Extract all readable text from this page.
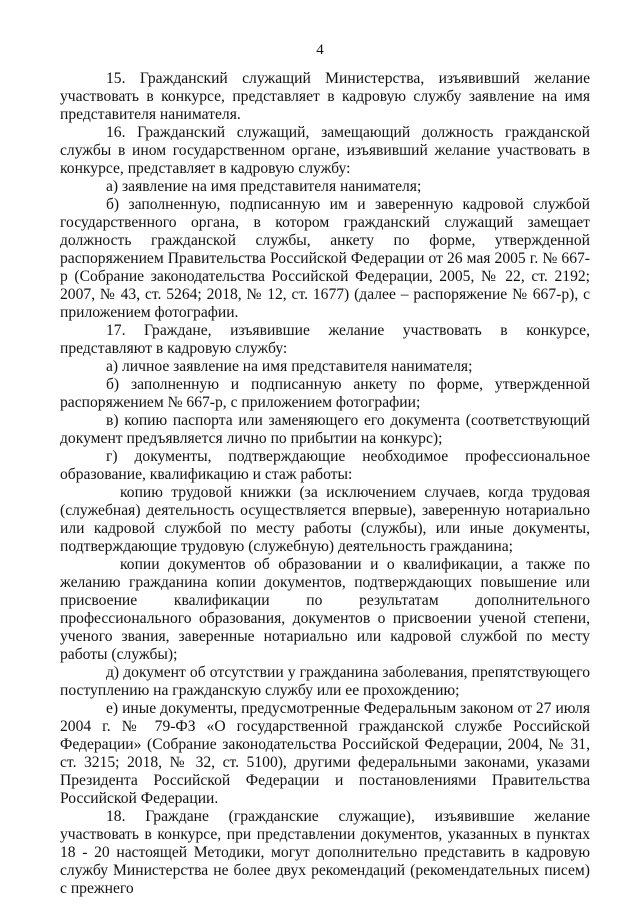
4

15. Гражданский служащий Министерства, изъявивший желание участвовать в конкурсе, представляет в кадровую службу заявление на имя представителя нанимателя.

16. Гражданский служащий, замещающий должность гражданской службы в ином государственном органе, изъявивший желание участвовать в конкурсе, представляет в кадровую службу:

а) заявление на имя представителя нанимателя;

б) заполненную, подписанную им и заверенную кадровой службой государственного органа, в котором гражданский служащий замещает должность гражданской службы, анкету по форме, утвержденной распоряжением Правительства Российской Федерации от 26 мая 2005 г. № 667-р (Собрание законодательства Российской Федерации, 2005, № 22, ст. 2192; 2007, № 43, ст. 5264; 2018, № 12, ст. 1677) (далее – распоряжение № 667-р), с приложением фотографии.

17. Граждане, изъявившие желание участвовать в конкурсе, представляют в кадровую службу:

а) личное заявление на имя представителя нанимателя;

б) заполненную и подписанную анкету по форме, утвержденной распоряжением № 667-р, с приложением фотографии;

в) копию паспорта или заменяющего его документа (соответствующий документ предъявляется лично по прибытии на конкурс);

г) документы, подтверждающие необходимое профессиональное образование, квалификацию и стаж работы:

копию трудовой книжки (за исключением случаев, когда трудовая (служебная) деятельность осуществляется впервые), заверенную нотариально или кадровой службой по месту работы (службы), или иные документы, подтверждающие трудовую (служебную) деятельность гражданина;

копии документов об образовании и о квалификации, а также по желанию гражданина копии документов, подтверждающих повышение или присвоение квалификации по результатам дополнительного профессионального образования, документов о присвоении ученой степени, ученого звания, заверенные нотариально или кадровой службой по месту работы (службы);

д) документ об отсутствии у гражданина заболевания, препятствующего поступлению на гражданскую службу или ее прохождению;

е) иные документы, предусмотренные Федеральным законом от 27 июля 2004 г. № 79-ФЗ «О государственной гражданской службе Российской Федерации» (Собрание законодательства Российской Федерации, 2004, № 31, ст. 3215; 2018, № 32, ст. 5100), другими федеральными законами, указами Президента Российской Федерации и постановлениями Правительства Российской Федерации.

18. Граждане (гражданские служащие), изъявившие желание участвовать в конкурсе, при представлении документов, указанных в пунктах 18 - 20 настоящей Методики, могут дополнительно представить в кадровую службу Министерства не более двух рекомендаций (рекомендательных писем) с прежнего
